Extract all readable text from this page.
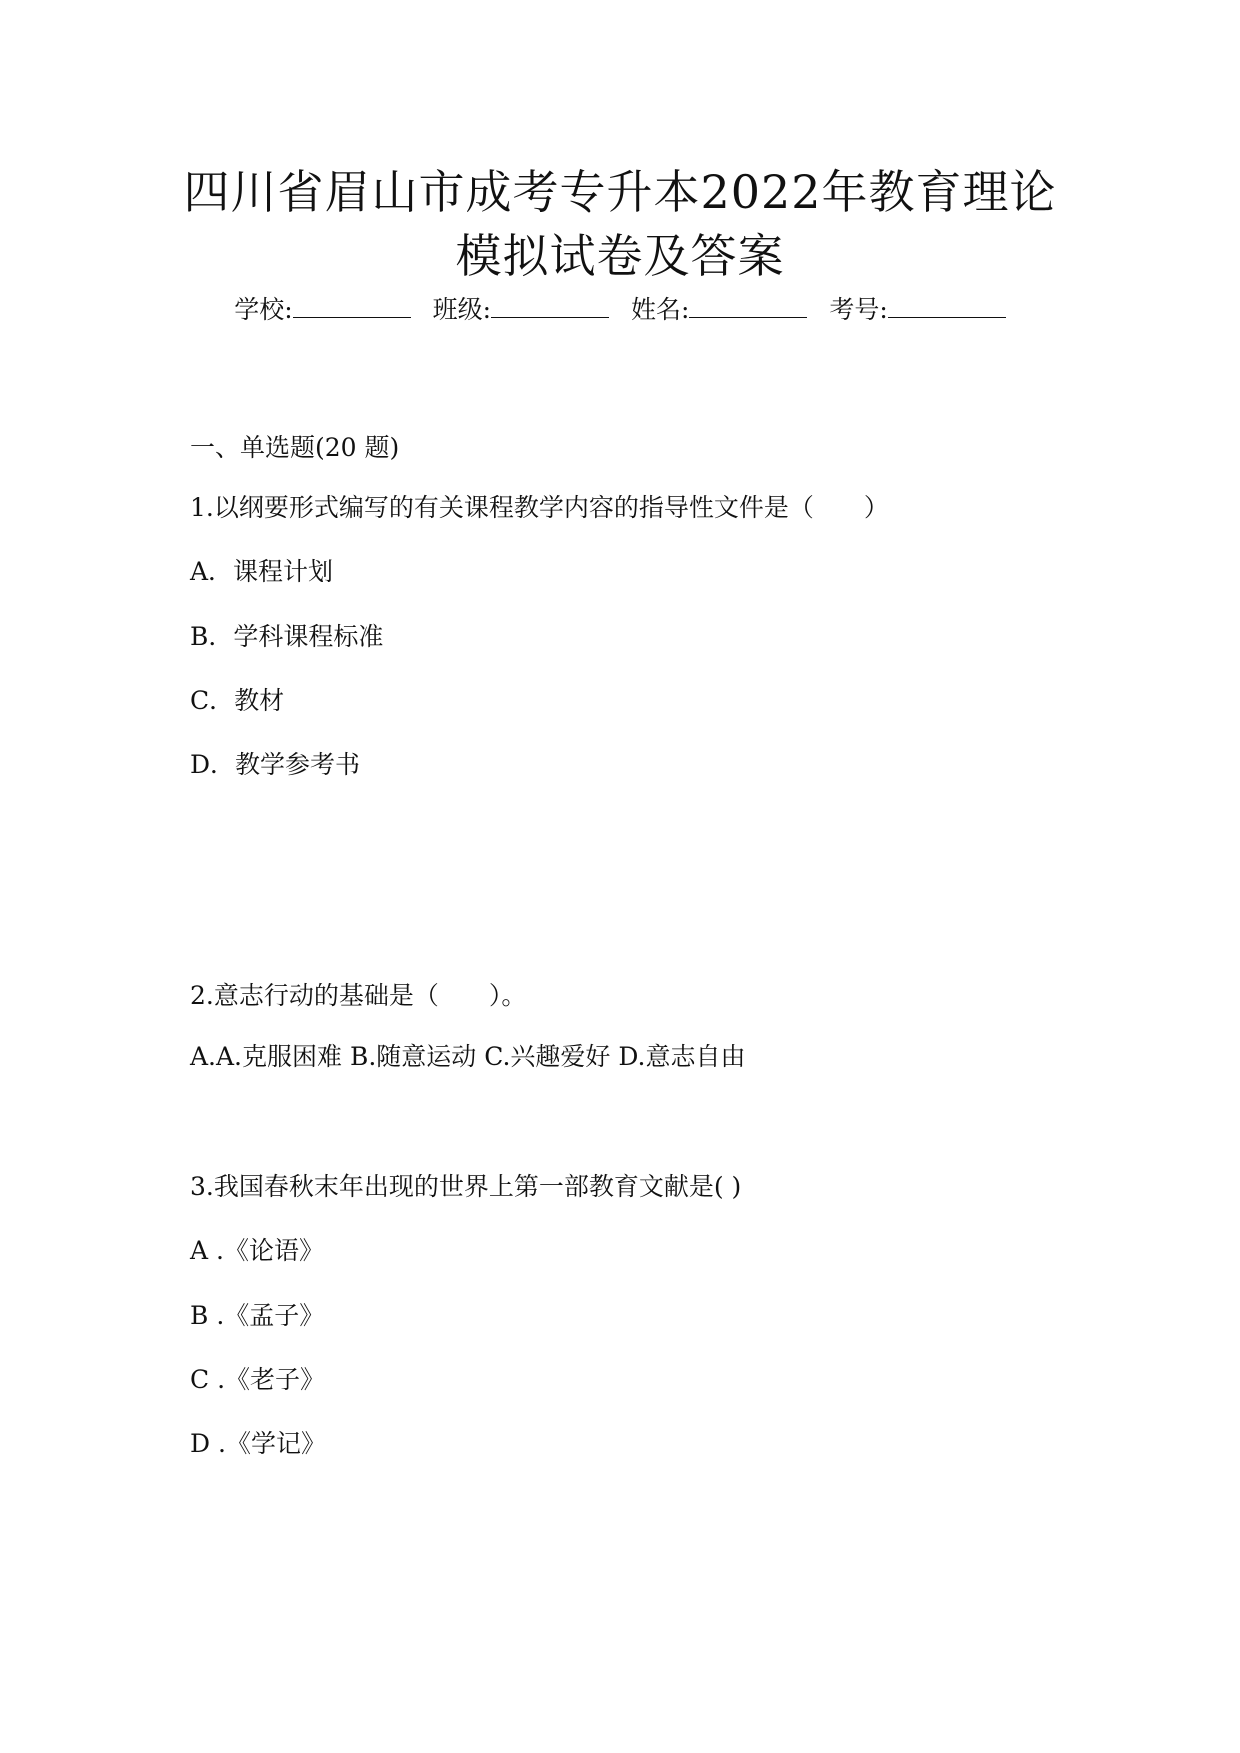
四川省眉山市成考专升本2022年教育理论
模拟试卷及答案
学校:	班级:	姓名:	考号:
一、单选题(20 题)
1.以纲要形式编写的有关课程教学内容的指导性文件是（　　）
A．课程计划
B．学科课程标准
C．教材
D．教学参考书
2.意志行动的基础是（　　）。
A.A.克服困难 B.随意运动 C.兴趣爱好 D.意志自由
3.我国春秋末年出现的世界上第一部教育文献是( )
A .《论语》
B .《孟子》
C .《老子》
D .《学记》
